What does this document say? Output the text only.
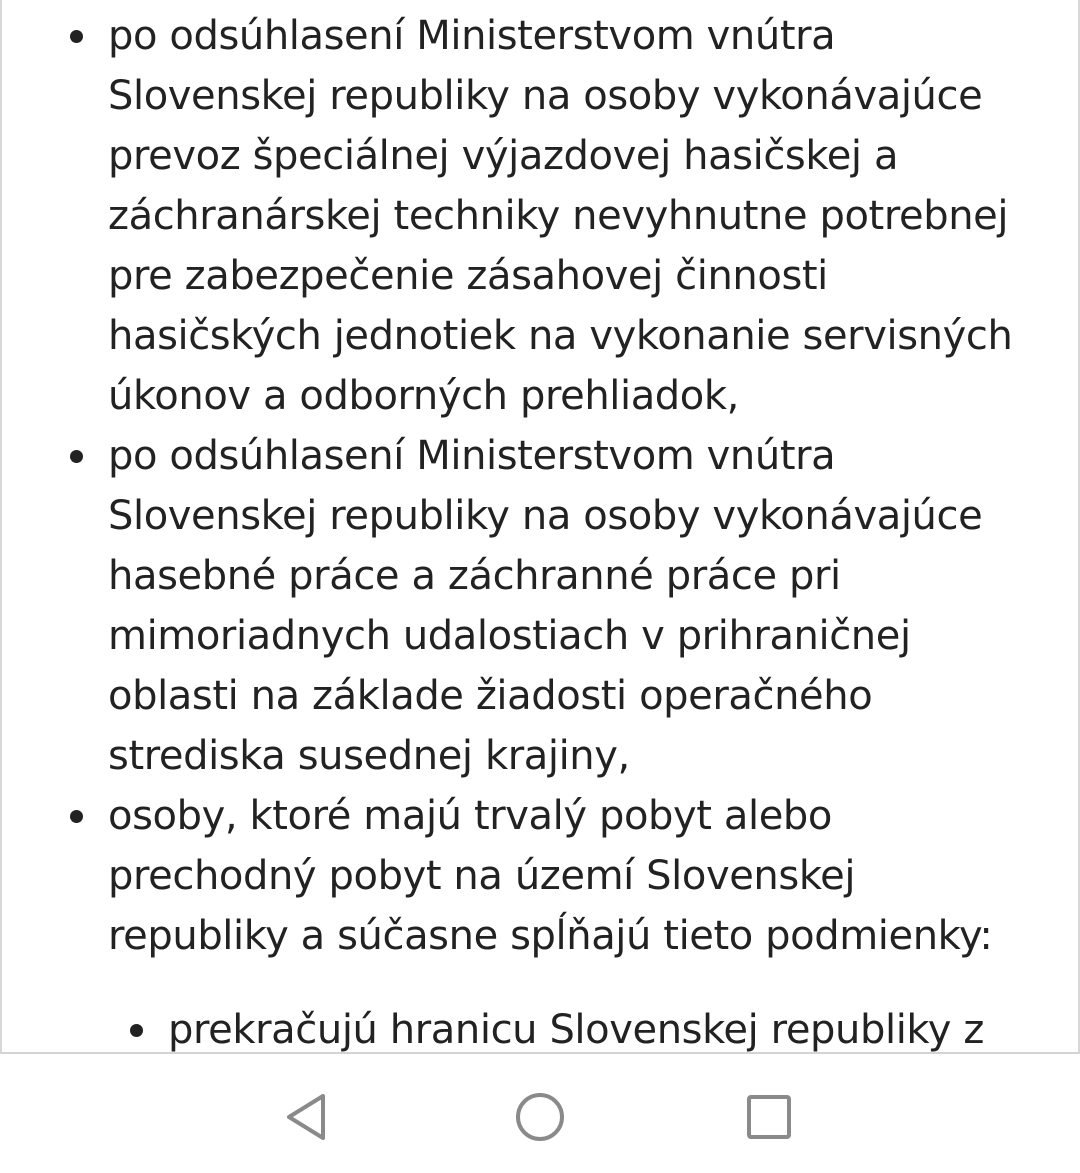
po odsúhlasení Ministerstvom vnútra Slovenskej republiky na osoby vykonávajúce prevoz špeciálnej výjazdovej hasičskej a záchranárskej techniky nevyhnutne potrebnej pre zabezpečenie zásahovej činnosti hasičských jednotiek na vykonanie servisných úkonov a odborných prehliadok,
po odsúhlasení Ministerstvom vnútra Slovenskej republiky na osoby vykonávajúce hasebné práce a záchranné práce pri mimoriadnych udalostiach v prihraničnej oblasti na základe žiadosti operačného strediska susednej krajiny,
osoby, ktoré majú trvalý pobyt alebo prechodný pobyt na území Slovenskej republiky a súčasne spĺňajú tieto podmienky:
prekračujú hranicu Slovenskej republiky z
